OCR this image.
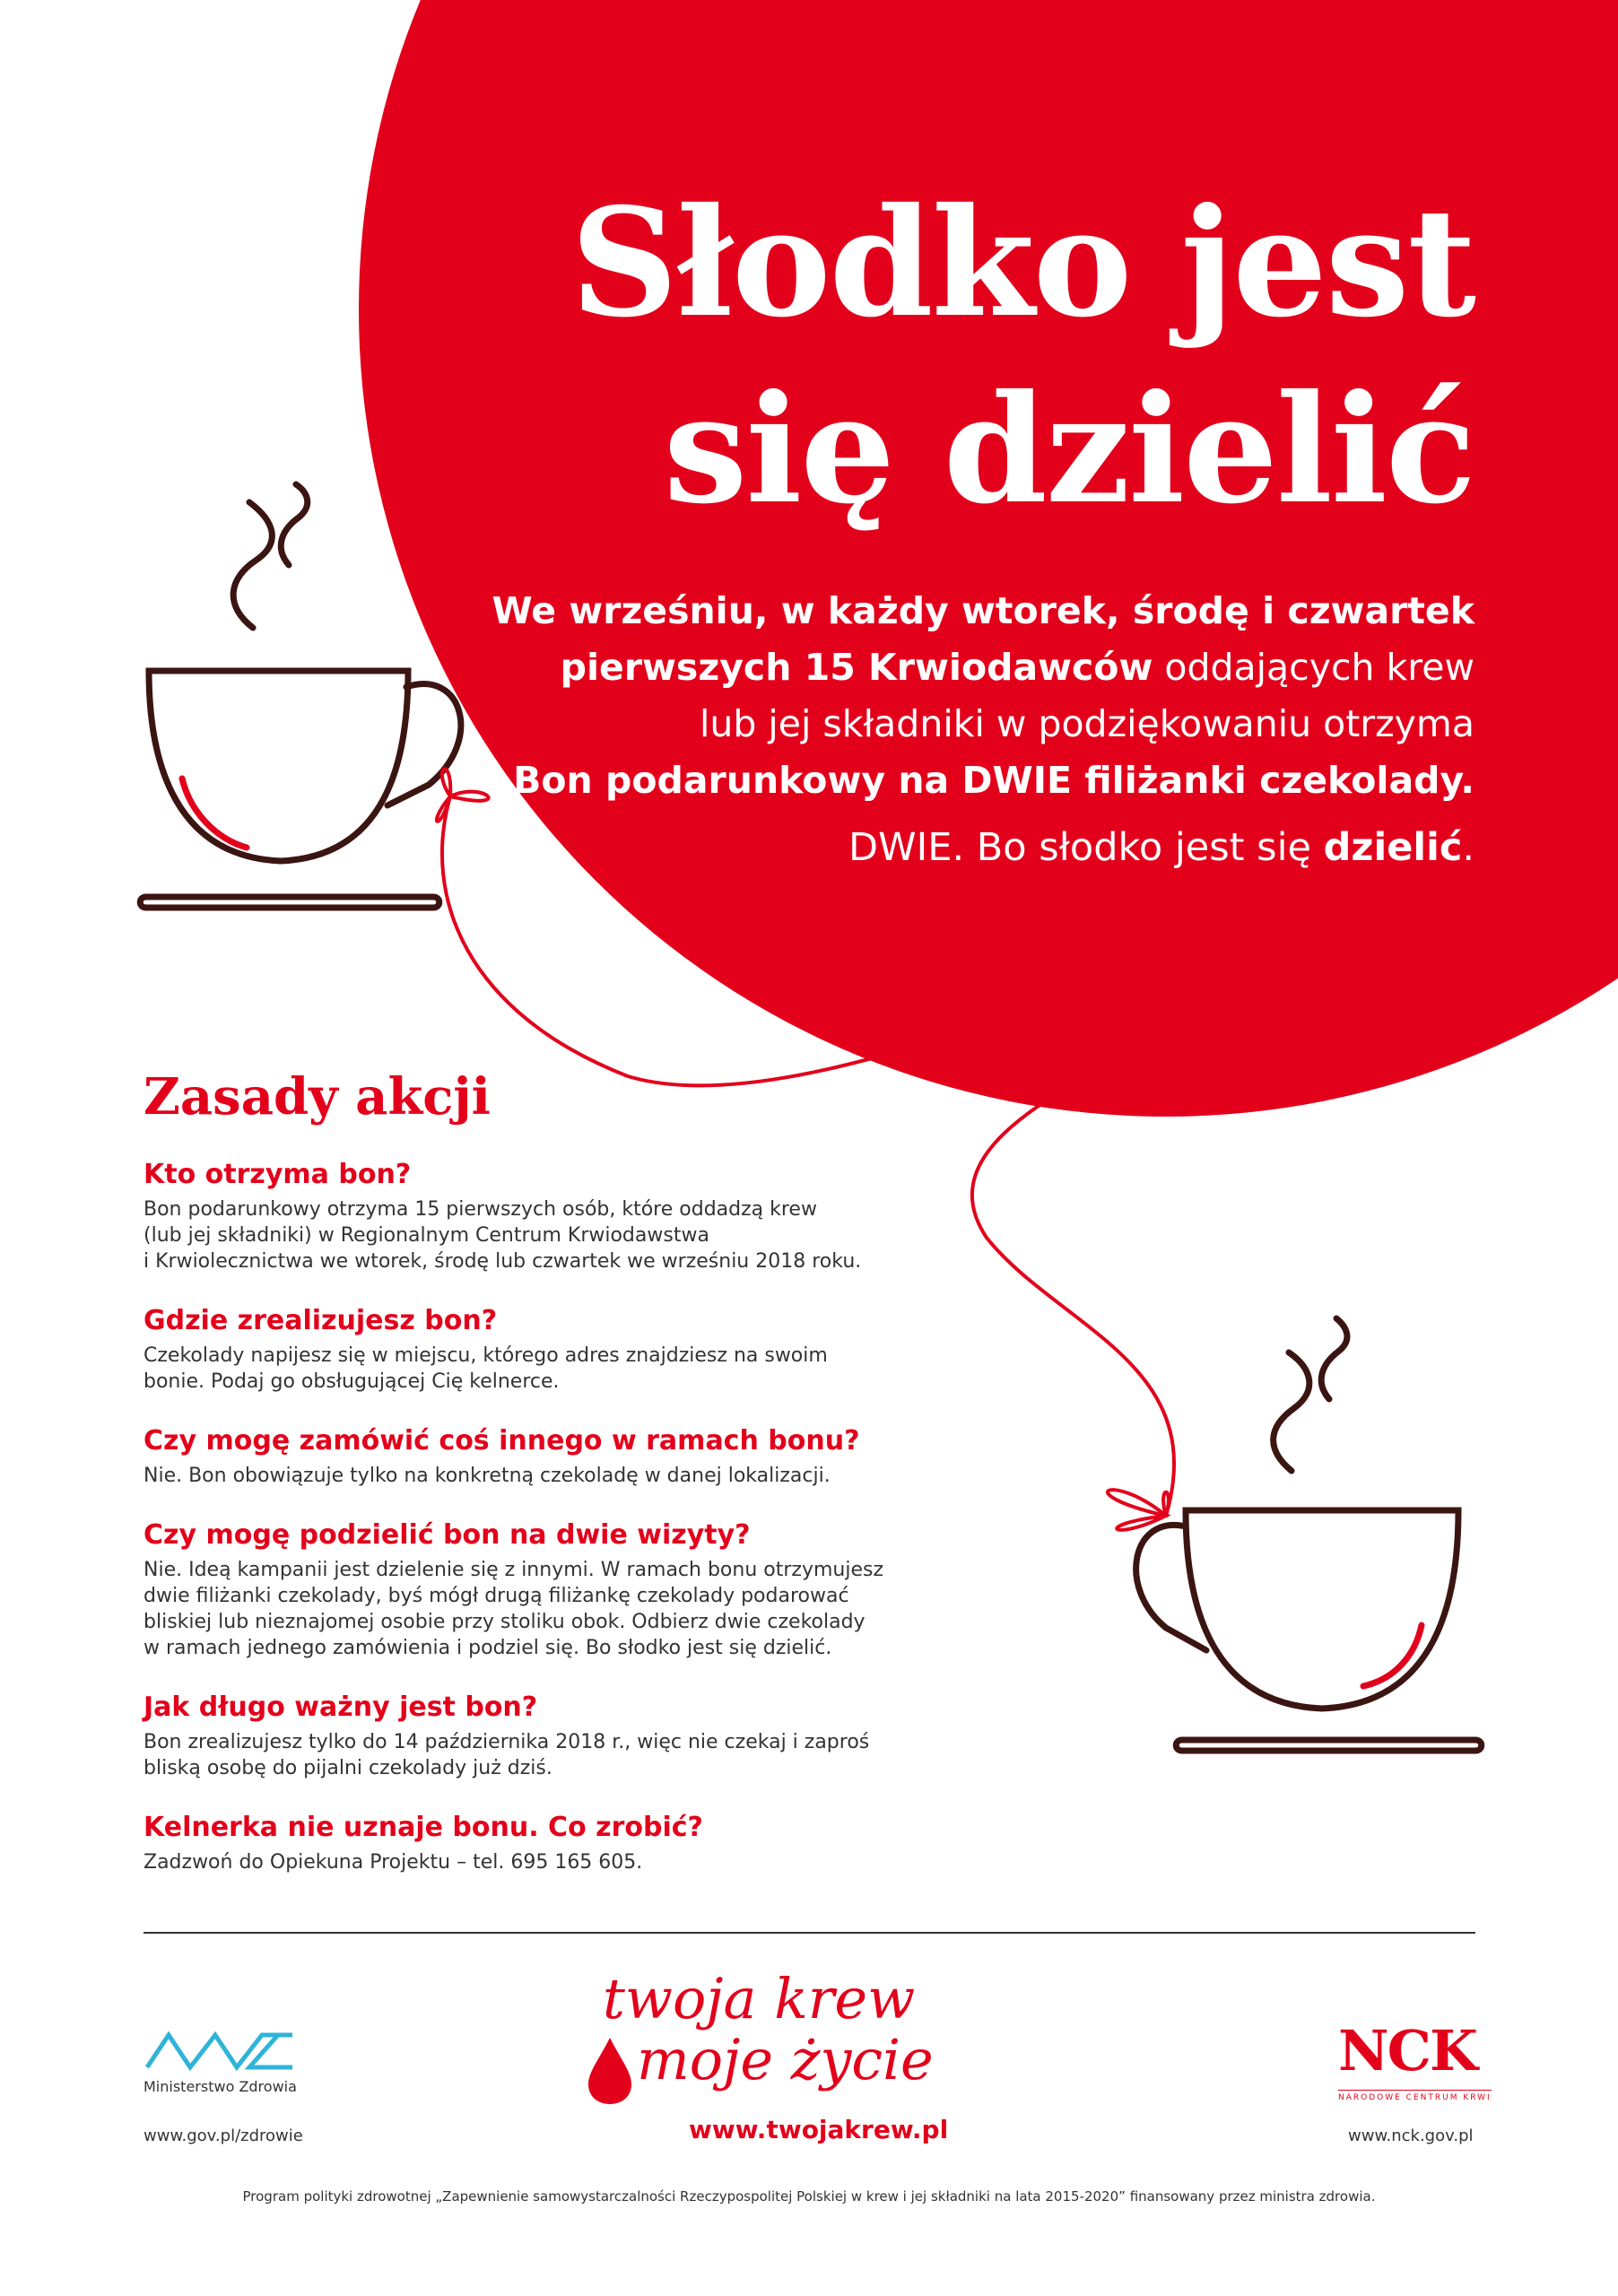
Słodko jest
się dzielić

We wrześniu, w każdy wtorek, środę i czwartek

pierwszych 15 Krwiodawców oddających krew

lub jej składniki w podziękowaniu otrzyma

Bon podarunkowy na DWIE filiżanki czekolady.

DWIE. Bo słodko jest się dzielić.
Zasady akcji

Kto otrzyma bon?

Bon podarunkowy otrzyma 15 pierwszych osób, które oddadzą krew
(lub jej składniki) w Regionalnym Centrum Krwiodawstwa
i Krwiolecznictwa we wtorek, środę lub czwartek we wrześniu 2018 roku.

Gdzie zrealizujesz bon?

Czekolady napijesz się w miejscu, którego adres znajdziesz na swoim
bonie. Podaj go obsługującej Cię kelnerce.

Czy mogę zamówić coś innego w ramach bonu?

Nie. Bon obowiązuje tylko na konkretną czekoladę w danej lokalizacji.

Czy mogę podzielić bon na dwie wizyty?

Nie. Ideą kampanii jest dzielenie się z innymi. W ramach bonu otrzymujesz
dwie filiżanki czekolady, byś mógł drugą filiżankę czekolady podarować
bliskiej lub nieznajomej osobie przy stoliku obok. Odbierz dwie czekolady
w ramach jednego zamówienia i podziel się. Bo słodko jest się dzielić.

Jak długo ważny jest bon?

Bon zrealizujesz tylko do 14 października 2018 r., więc nie czekaj i zaproś
bliską osobę do pijalni czekolady już dziś.

Kelnerka nie uznaje bonu. Co zrobić?

Zadzwoń do Opiekuna Projektu – tel. 695 165 605.

Ministerstwo Zdrowia
www.gov.pl/zdrowie
twoja krew
moje życie
www.twojakrew.pl
NCK
NARODOWE CENTRUM KRWI
www.nck.gov.pl
Program polityki zdrowotnej „Zapewnienie samowystarczalności Rzeczypospolitej Polskiej w krew i jej składniki na lata 2015-2020” finansowany przez ministra zdrowia.
